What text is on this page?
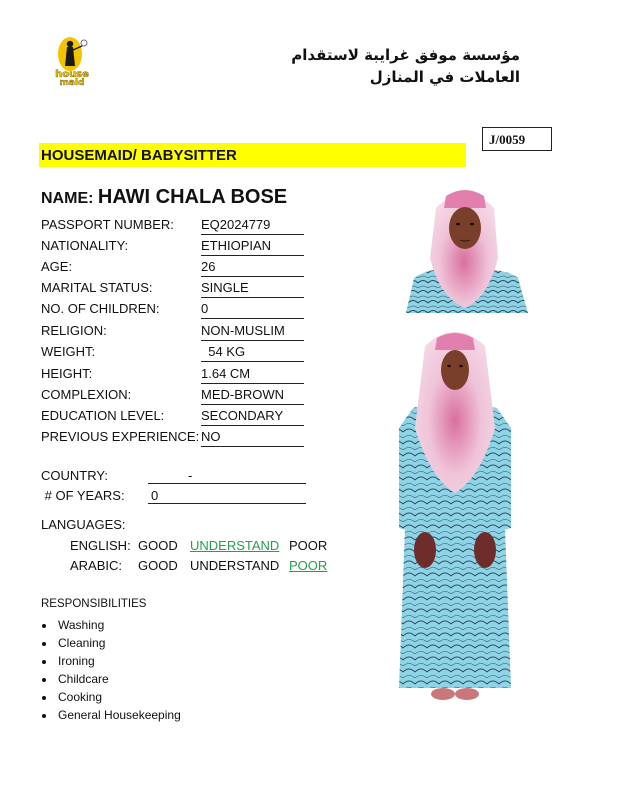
house
maid
مؤسسة موفق غرايبة لاستقدام العاملات في المنازل
J/0059
HOUSEMAID/ BABYSITTER
NAME: HAWI CHALA BOSE
PASSPORT NUMBER: EQ2024779
NATIONALITY:	ETHIOPIAN
AGE:	26
MARITAL STATUS:	SINGLE
NO. OF CHILDREN:	0
RELIGION:	NON-MUSLIM
WEIGHT:	54 KG
HEIGHT:	1.64 CM
COMPLEXION:	MED-BROWN
EDUCATION LEVEL:	SECONDARY
PREVIOUS EXPERIENCE: NO
COUNTRY:	-
# OF YEARS: 0
LANGUAGES:
ENGLISH: GOOD UNDERSTAND POOR
ARABIC: GOOD UNDERSTAND POOR
RESPONSIBILITIES
Washing
Cleaning
Ironing
Childcare
Cooking
General Housekeeping
